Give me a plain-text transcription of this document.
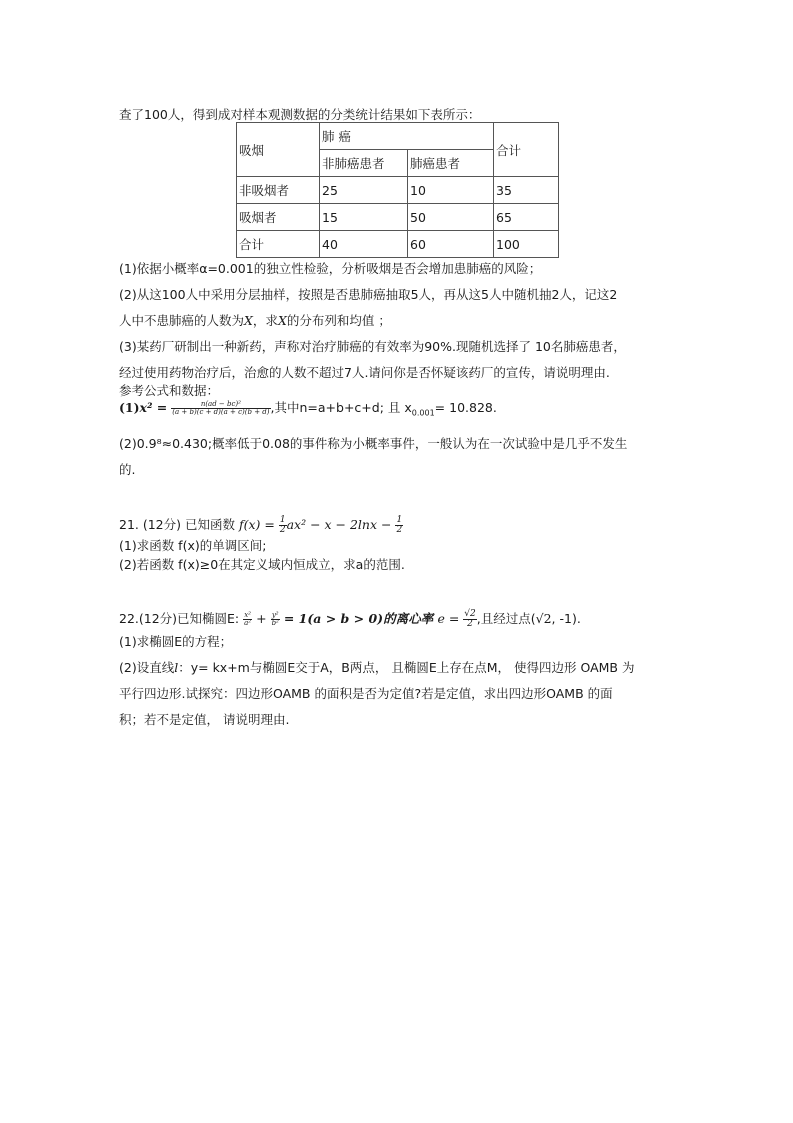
查了100人，得到成对样本观测数据的分类统计结果如下表所示：
吸烟	肺 癌		合计
	非肺癌患者	肺癌患者	
非吸烟者	25	10	35
吸烟者	15	50	65
合计	40	60	100
(1)依据小概率α=0.001的独立性检验，分析吸烟是否会增加患肺癌的风险；
(2)从这100人中采用分层抽样，按照是否患肺癌抽取5人，再从这5人中随机抽2人，记这2
人中不患肺癌的人数为X，求X的分布列和均值 ；
(3)某药厂研制出一种新药，声称对治疗肺癌的有效率为90%.现随机选择了 10名肺癌患者，
经过使用药物治疗后，治愈的人数不超过7人.请问你是否怀疑该药厂的宣传，请说明理由.
参考公式和数据：
$(1)x^2 = \frac{\text{n(ad − bc)²}}{(a + b)(c + d)(a + c)(b + d)}$ ,其中n=a+b+c+d; 且 $x_{0.001}= 10.828$.
(2)0.9⁸≈0.430;概率低于0.08的事件称为小概率事件，一般认为在一次试验中是几乎不发生
的.
21. (12分) 已知函数 $f(x) = \frac{1}{2} ax^2 - x - 2\ln x - \frac{1}{2}$
(1)求函数 f(x)的单调区间;
(2)若函数 f(x)≥0在其定义域内恒成立，求a的范围.
22.(12分)已知椭圆E: $\frac{\text{x²}}{\text{a²}} + \frac{\text{y²}}{\text{b²}} = 1(a > b > 0)$的离心率 $e = \frac{√2}{2}$ ,且经过点(√2, -1).
(1)求椭圆E的方程；
(2)设直线l：y= kx+m与椭圆E交于A，B两点， 且椭圆E上存在点M， 使得四边形 OAMB 为
平行四边形.试探究：四边形OAMB 的面积是否为定值?若是定值，求出四边形OAMB 的面
积；若不是定值， 请说明理由.
